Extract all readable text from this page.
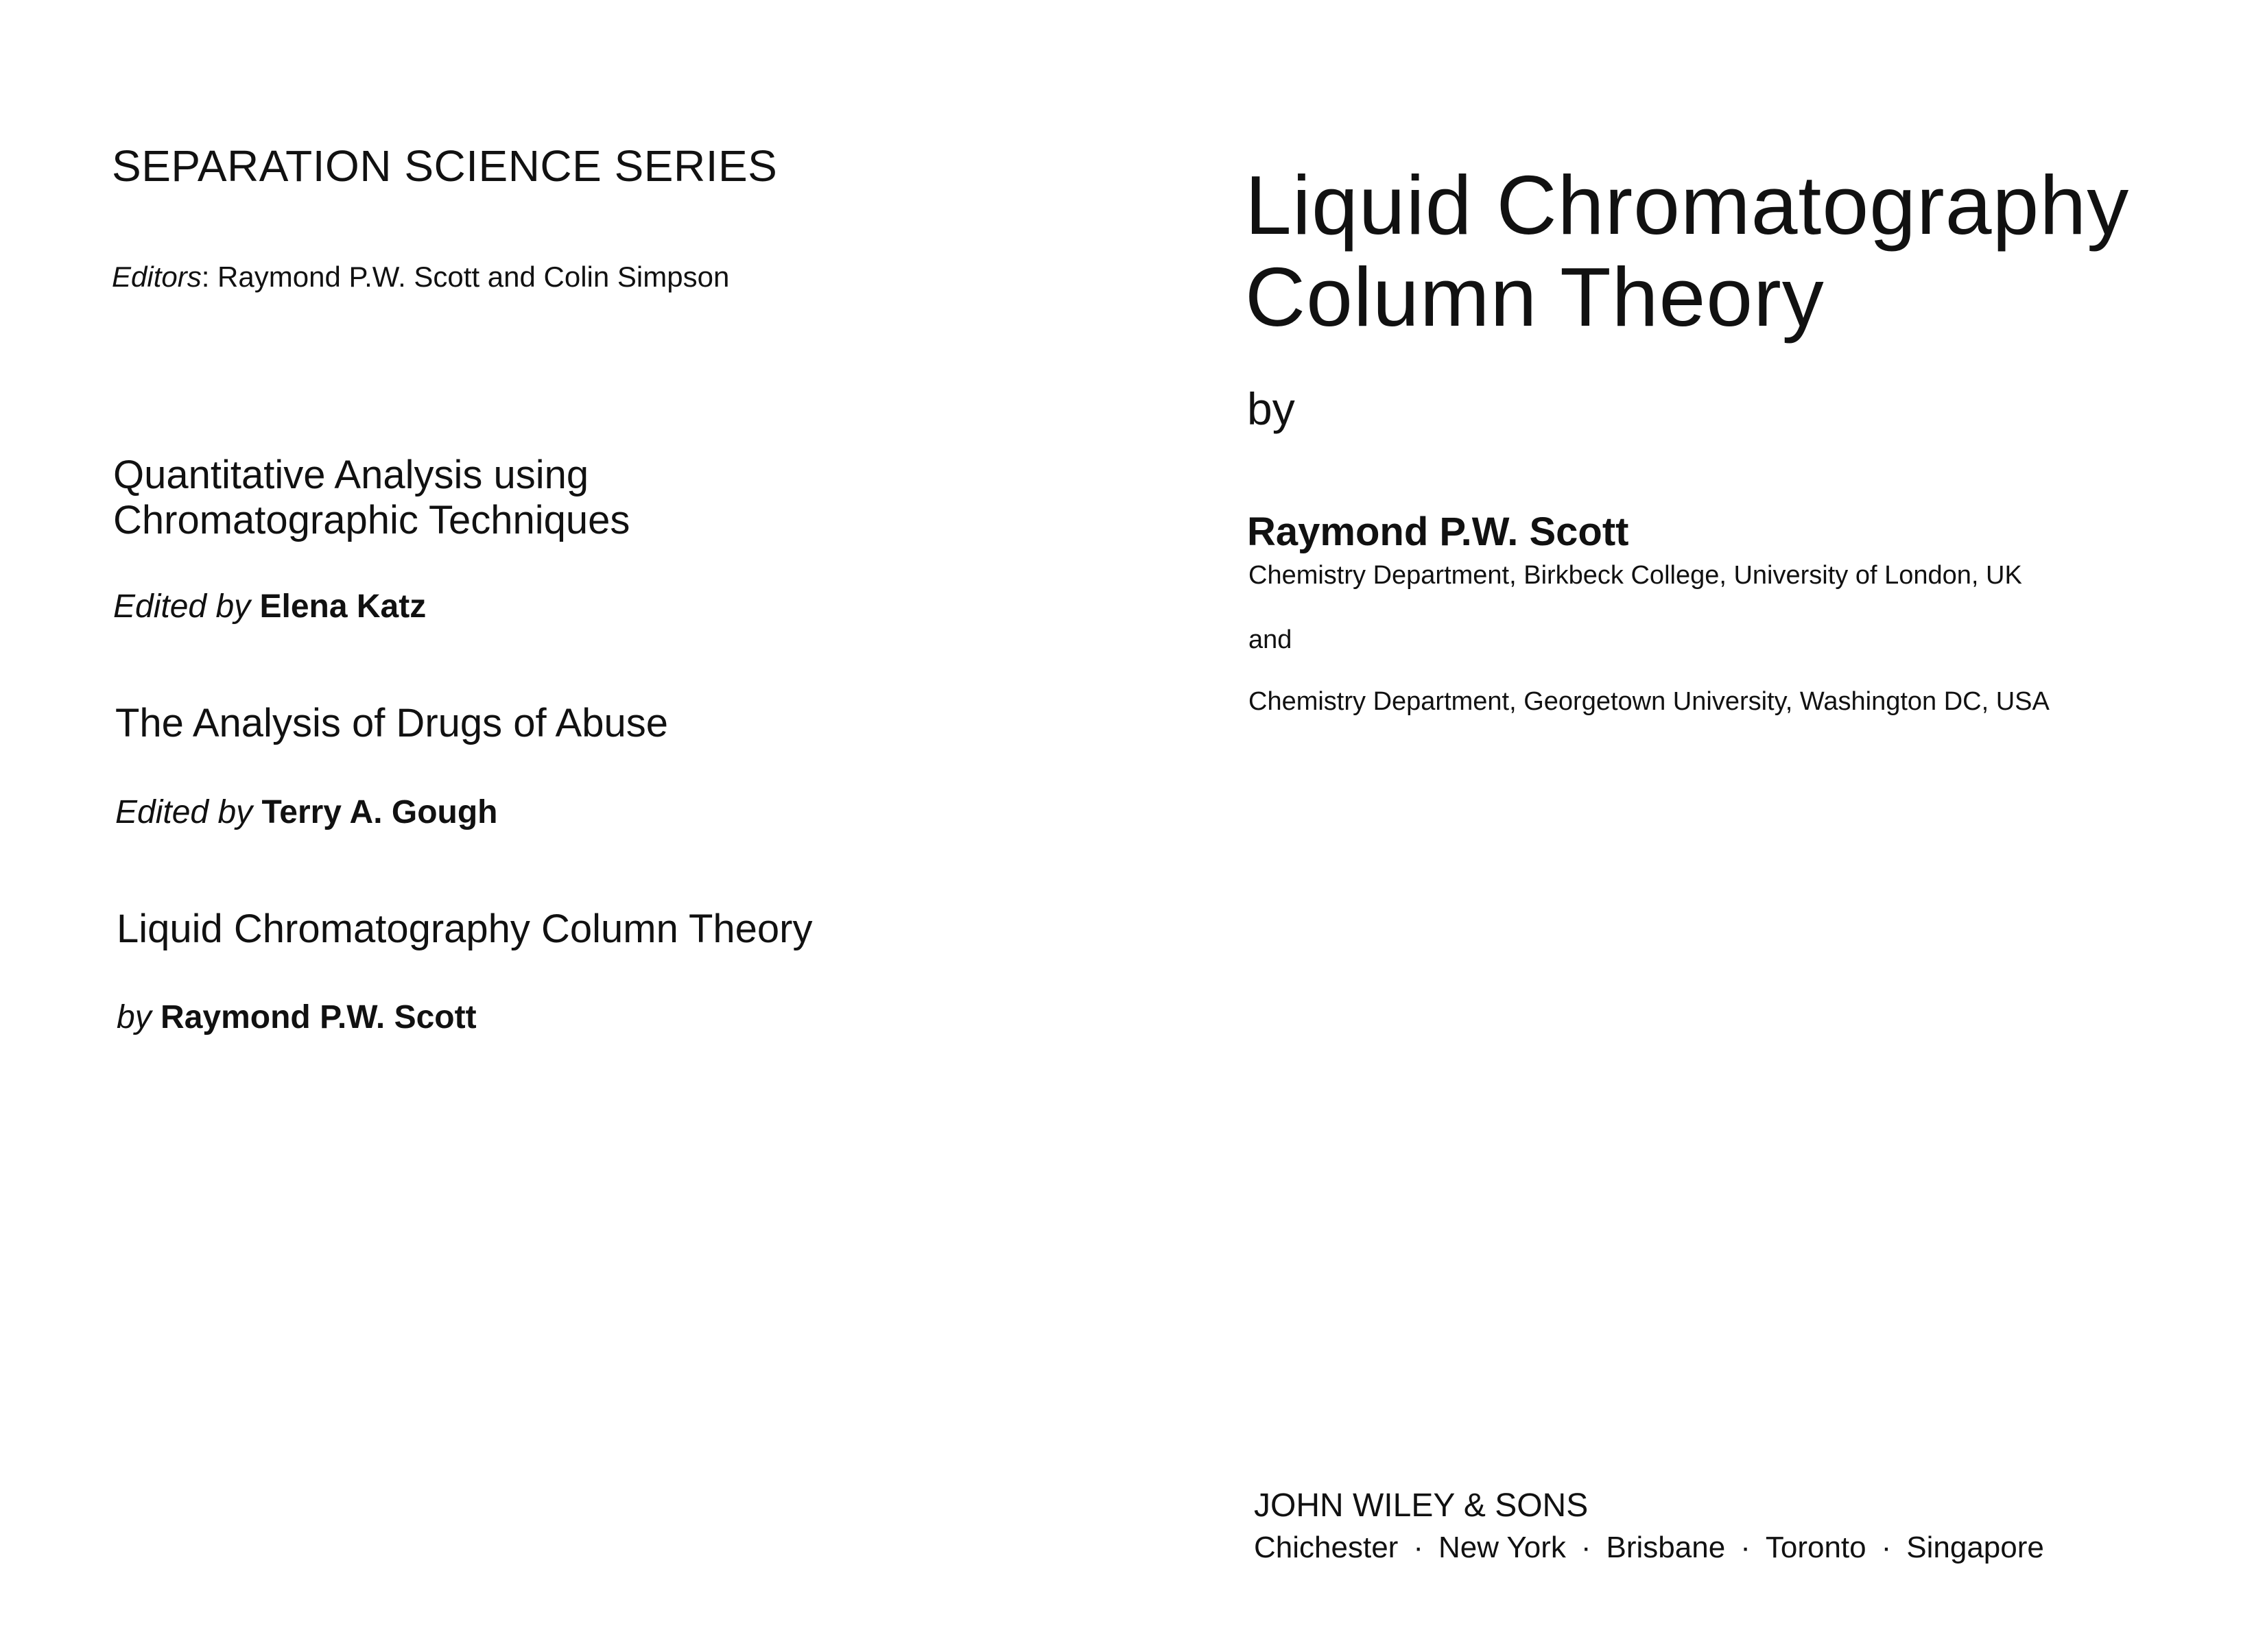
SEPARATION SCIENCE SERIES

Editors: Raymond P.W. Scott and Colin Simpson

Quantitative Analysis using
Chromatographic Techniques

Edited by Elena Katz

The Analysis of Drugs of Abuse

Edited by Terry A. Gough

Liquid Chromatography Column Theory

by Raymond P.W. Scott

Liquid Chromatography
Column Theory

by

Raymond P.W. Scott

Chemistry Department, Birkbeck College, University of London, UK

and

Chemistry Department, Georgetown University, Washington DC, USA

JOHN WILEY & SONS

Chichester · New York · Brisbane · Toronto · Singapore
